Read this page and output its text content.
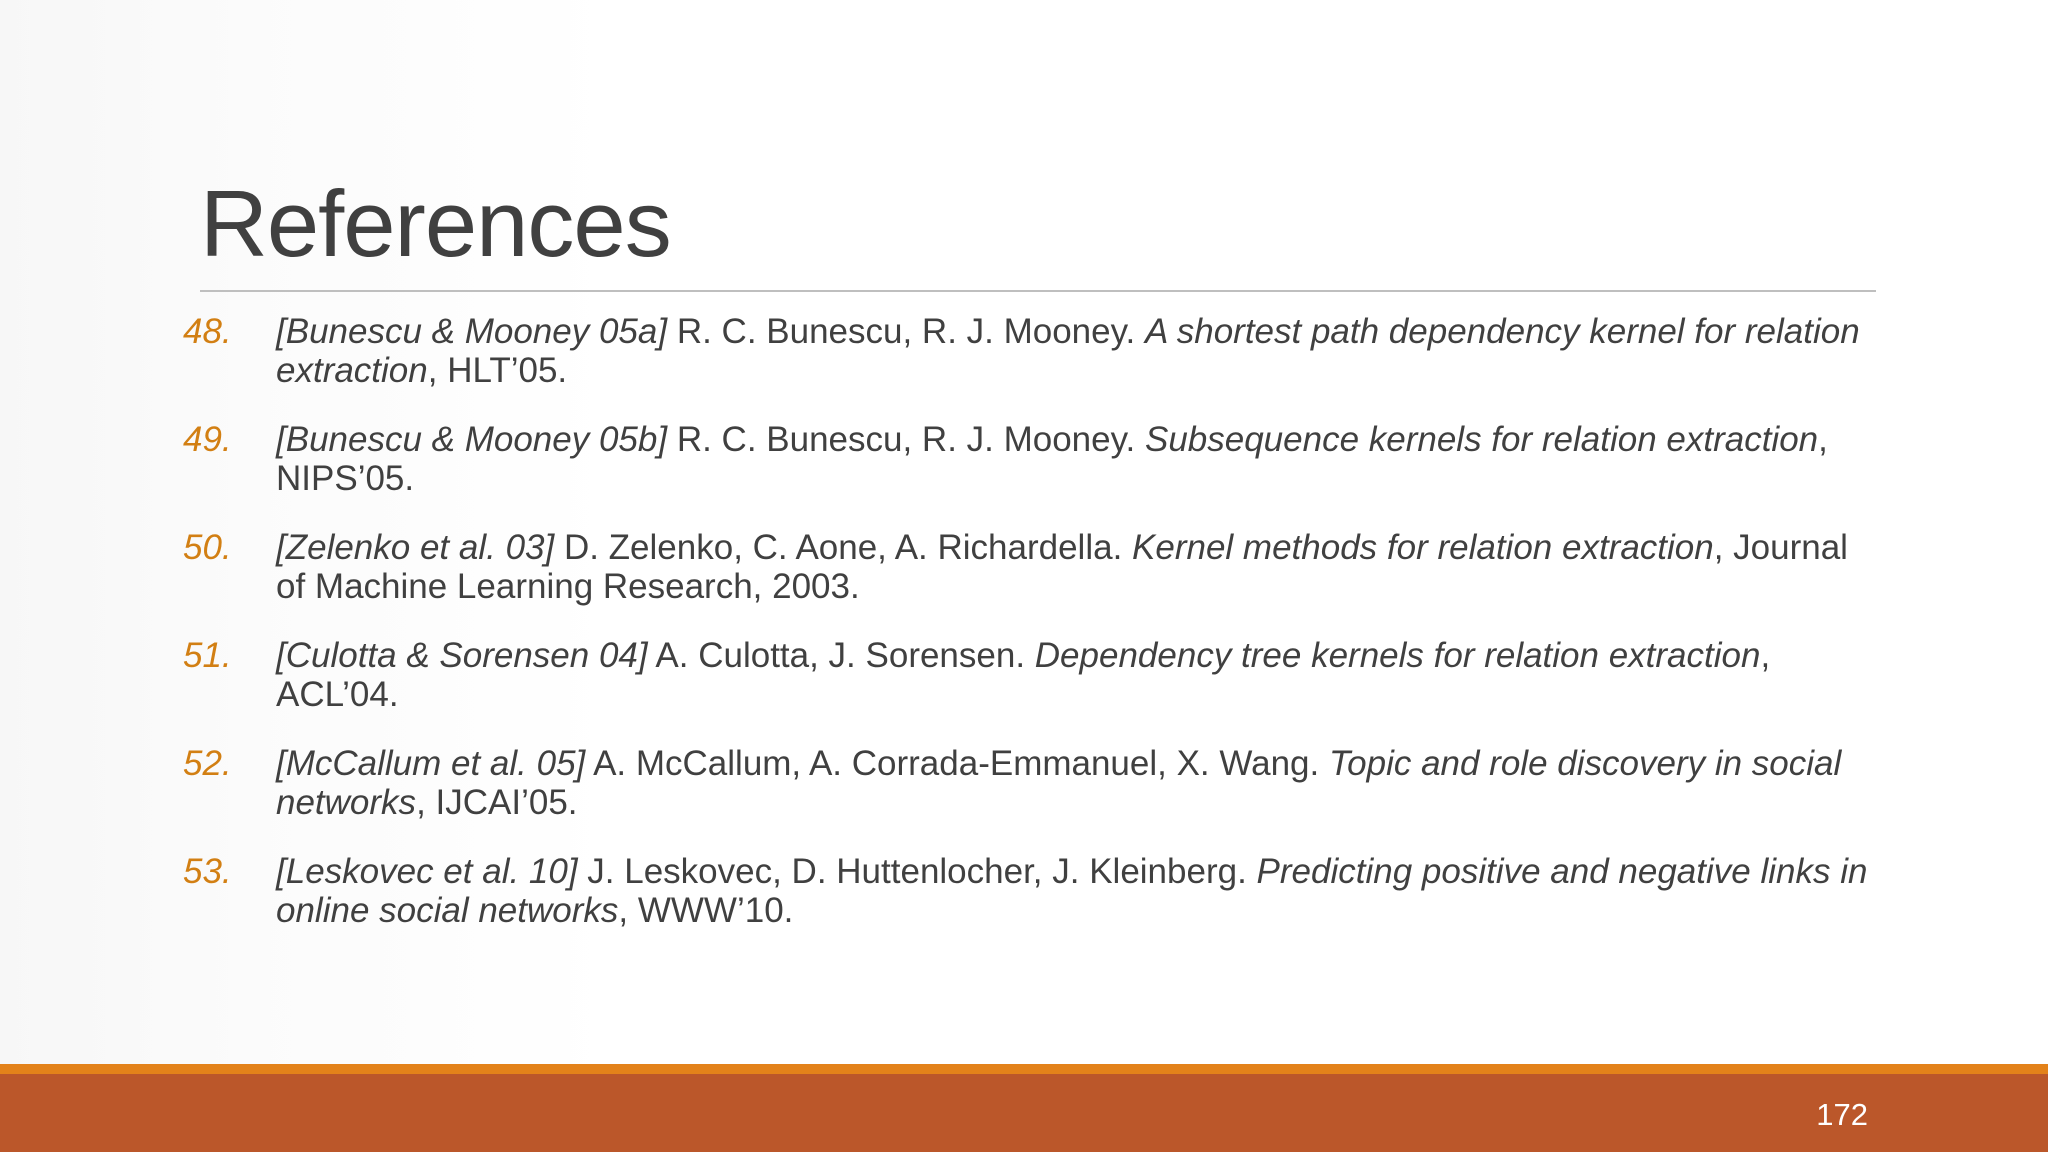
References
48.	[Bunescu & Mooney 05a] R. C. Bunescu, R. J. Mooney. A shortest path dependency kernel for relation extraction, HLT’05.
49.	[Bunescu & Mooney 05b] R. C. Bunescu, R. J. Mooney. Subsequence kernels for relation extraction, NIPS’05.
50.	[Zelenko et al. 03] D. Zelenko, C. Aone, A. Richardella. Kernel methods for relation extraction, Journal of Machine Learning Research, 2003.
51.	[Culotta & Sorensen 04] A. Culotta, J. Sorensen. Dependency tree kernels for relation extraction, ACL’04.
52.	[McCallum et al. 05] A. McCallum, A. Corrada-Emmanuel, X. Wang. Topic and role discovery in social networks, IJCAI’05.
53.	[Leskovec et al. 10] J. Leskovec, D. Huttenlocher, J. Kleinberg. Predicting positive and negative links in online social networks, WWW’10.
172
